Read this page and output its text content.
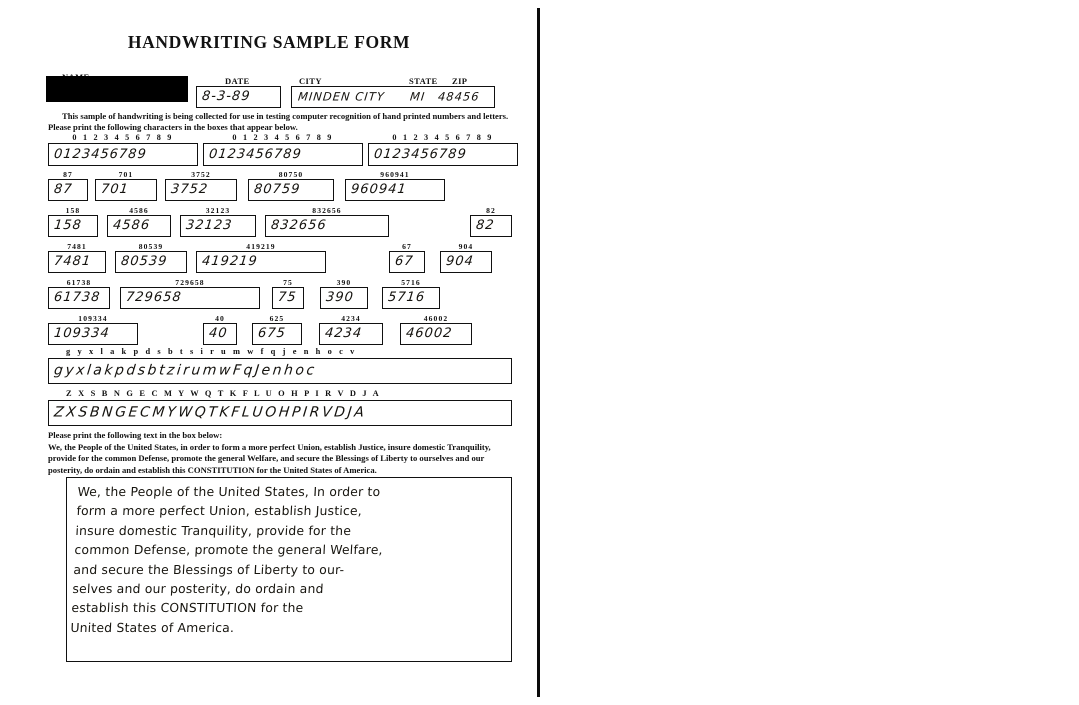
HANDWRITING SAMPLE FORM
DATE
8-3-89
CITY	STATE ZIP
MINDEN CITY MI 48456
This sample of handwriting is being collected for use in testing computer recognition of hand printed numbers and letters. Please print the following characters in the boxes that appear below.
0 1 2 3 4 5 6 7 8 9	0 1 2 3 4 5 6 7 8 9	0 1 2 3 4 5 6 7 8 9
0123456789	0123456789	0123456789
87
87
701
701
3752
3752
80750
80759
960941
960941
158
158
4586
4586
32123
32123
832656
832656
82
82
7481
7481
80539
80539
419219
419219
67
67
904
904
61738
61738
729658
729658
75
75
390
390
5716
5716
109334
109334
40
40
625
675
4234
4234
46002
46002
g y x l a k p d s b t s i r u m w f q j e n h o c v
gyxlakpdsbtzirumwFqJenhoc
Z X S B N G E C M Y W Q T K F L U O H P I R V D J A
ZXSBNGECMYWQTKFLUOHPIRVDJA
Please print the following text in the box below:
We, the People of the United States, in order to form a more perfect Union, establish Justice, insure domestic Tranquility, provide for the common Defense, promote the general Welfare, and secure the Blessings of Liberty to ourselves and our posterity, do ordain and establish this CONSTITUTION for the United States of America.
We, the People of the United States, In order to
form a more perfect Union, establish Justice,
insure domestic Tranquility, provide for the
common Defense, promote the general Welfare,
and secure the Blessings of Liberty to our-
selves and our posterity, do ordain and
establish this CONSTITUTION for the
United States of America.
